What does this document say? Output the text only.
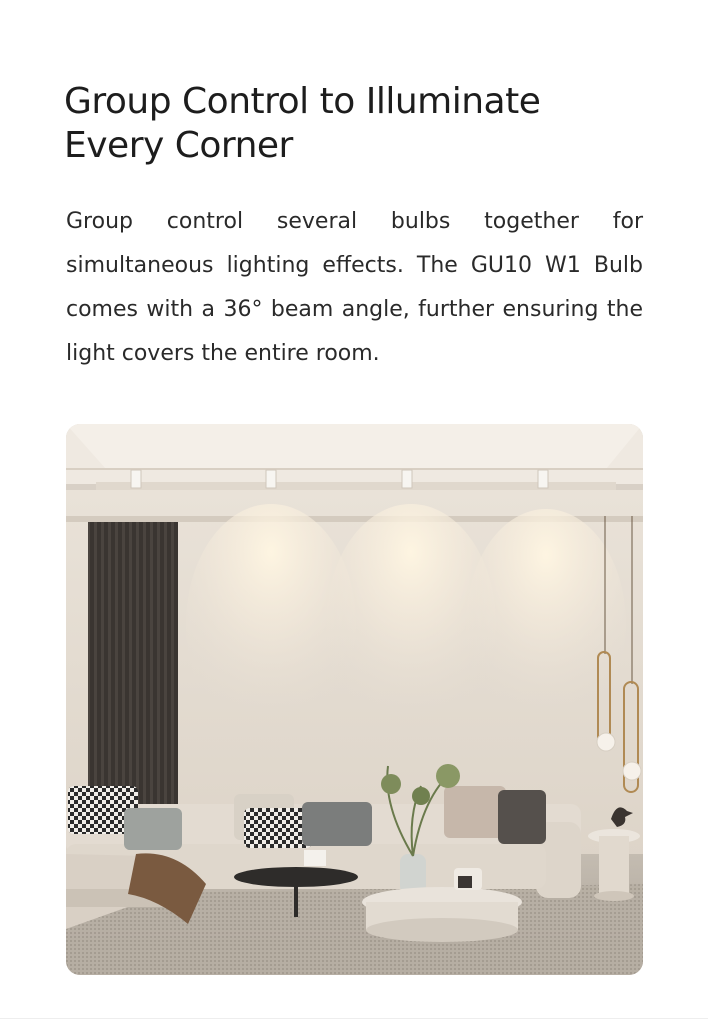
Group Control to Illuminate
Every Corner

Group control several bulbs together for simultaneous lighting effects. The GU10 W1 Bulb comes with a 36° beam angle, further ensuring the light covers the entire room.
